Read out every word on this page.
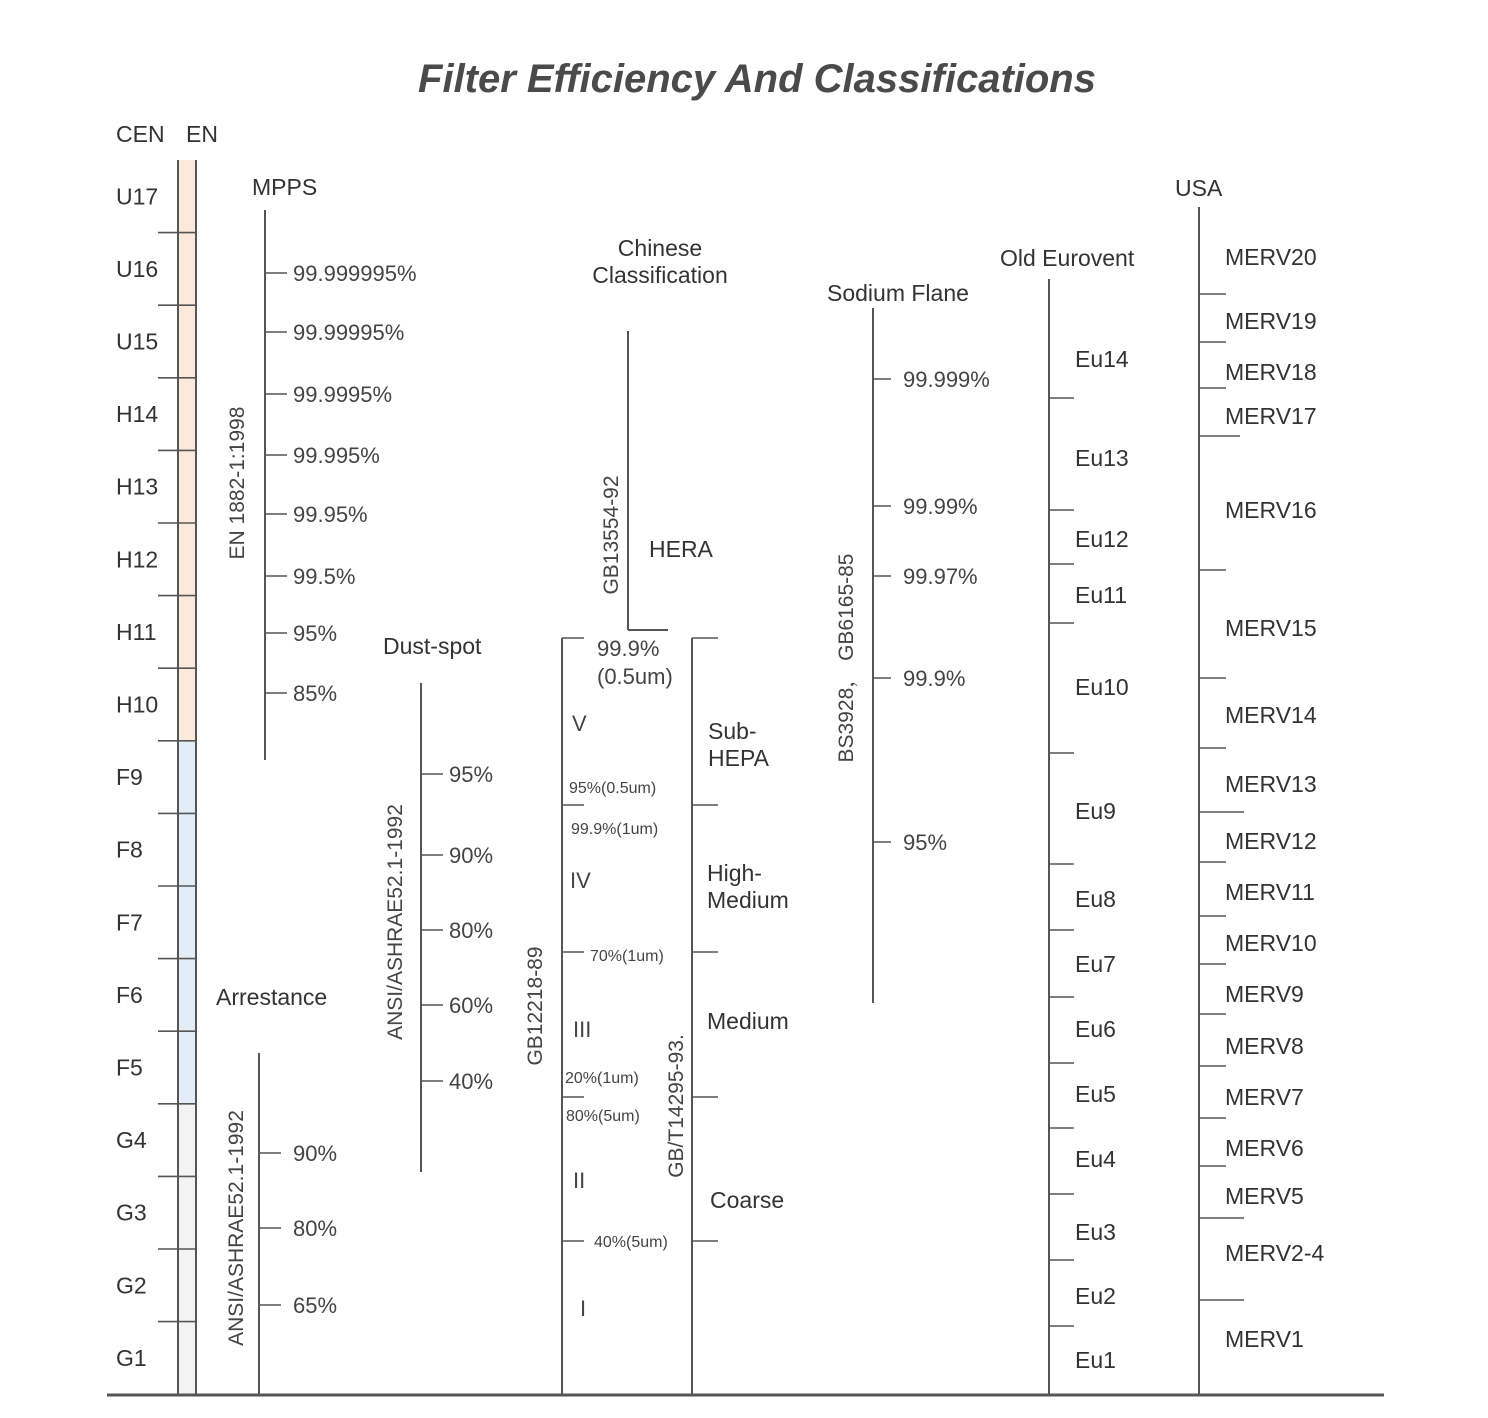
Filter Efficiency And Classifications
CEN EN
U17
U16
U15
H14
H13
H12
H11
H10
F9
F8
F7
F6
F5
G4
G3
G2
G1
MPPS
EN 1882-1:1998
99.999995%
99.99995%
99.9995%
99.995%
99.95%
99.5%
95%
85%
Arrestance
ANSI/ASHRAE52.1-1992 90%
80%
65%
Dust-spot
ANSI/ASHRAE52.1-1992
95%
90%
80%
60%
40%
Chinese
Classification
GB13554-92 HERA
GB12218-89
99.9%
(0.5um)
V
IV
III
II
I
95%(0.5um)
99.9%(1um)
70%(1um)
20%(1um)
80%(5um)
40%(5um)
GB/T14295-93.
Sub-
HEPA
High-
Medium
Medium
Coarse
Sodium Flane
BS3928， GB6165-85
99.999%
99.99%
99.97%
99.9%
95%
Old Eurovent
Eu14
Eu13
Eu12
Eu11
Eu10
Eu9
Eu8
Eu7
Eu6
Eu5
Eu4
Eu3
Eu2
Eu1
USA
MERV20
MERV19
MERV18
MERV17
MERV16
MERV15
MERV14
MERV13
MERV12
MERV11
MERV10
MERV9
MERV8
MERV7
MERV6
MERV5
MERV2-4
MERV1
